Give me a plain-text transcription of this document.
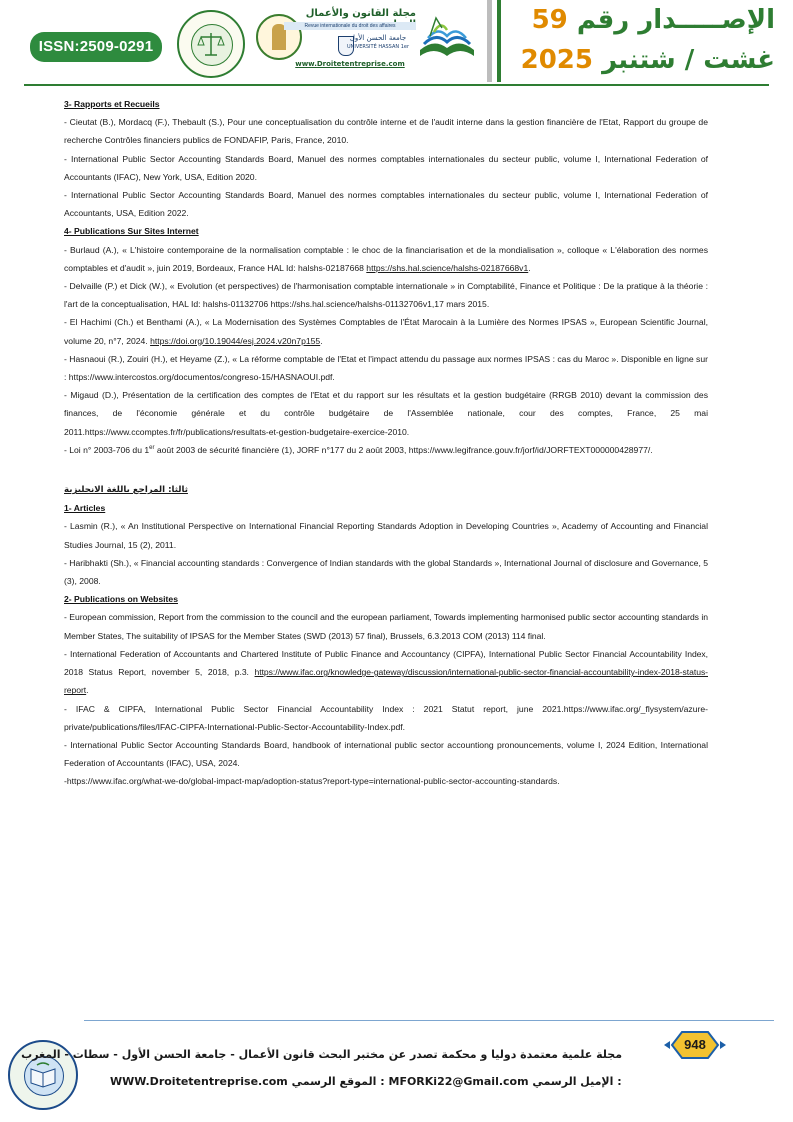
ISSN:2509-0291
مجلة القانون والأعمال
Revue internationale du droit des affaires
جامعة الحسن الأول
UNIVERSITÉ HASSAN 1er
www.Droitetentreprise.com
الإصـــــدار رقم 59
غشت / شتنبر 2025
3- Rapports et Recueils

- Cieutat (B.), Mordacq (F.), Thebault (S.), Pour une conceptualisation du contrôle interne et de l'audit interne dans la gestion financière de l'Etat, Rapport du groupe de recherche Contrôles financiers publics de FONDAFIP, Paris, France, 2010.

- International Public Sector Accounting Standards Board, Manuel des normes comptables internationales du secteur public, volume I, International Federation of Accountants (IFAC), New York, USA, Edition 2020.

- International Public Sector Accounting Standards Board, Manuel des normes comptables internationales du secteur public, volume I, International Federation of Accountants, USA, Edition 2022.

4- Publications Sur Sites Internet

- Burlaud (A.), « L'histoire contemporaine de la normalisation comptable : le choc de la financiarisation et de la mondialisation », colloque « L'élaboration des normes comptables et d'audit », juin 2019, Bordeaux, France HAL Id: halshs-02187668 https://shs.hal.science/halshs-02187668v1.

- Delvaille (P.) et Dick (W.), « Evolution (et perspectives) de l'harmonisation comptable internationale » in Comptabilité, Finance et Politique : De la pratique à la théorie : l'art de la conceptualisation, HAL Id: halshs-01132706 https://shs.hal.science/halshs-01132706v1,17 mars 2015.

- El Hachimi (Ch.) et Benthami (A.), « La Modernisation des Systèmes Comptables de l'État Marocain à la Lumière des Normes IPSAS », European Scientific Journal, volume 20, n°7, 2024. https://doi.org/10.19044/esj.2024.v20n7p155.

- Hasnaoui (R.), Zouiri (H.), et Heyame (Z.), « La réforme comptable de l'Etat et l'impact attendu du passage aux normes IPSAS : cas du Maroc ». Disponible en ligne sur : https://www.intercostos.org/documentos/congreso-15/HASNAOUI.pdf.

- Migaud (D.), Présentation de la certification des comptes de l'Etat et du rapport sur les résultats et la gestion budgétaire (RRGB 2010) devant la commission des finances, de l'économie générale et du contrôle budgétaire de l'Assemblée nationale, cour des comptes, France, 25 mai 2011.https://www.ccomptes.fr/fr/publications/resultats-et-gestion-budgetaire-exercice-2010.

- Loi n° 2003-706 du 1er août 2003 de sécurité financière (1), JORF n°177 du 2 août 2003, https://www.legifrance.gouv.fr/jorf/id/JORFTEXT000000428977/.

ثالثا: المراجع باللغة الانجليزية
1- Articles

- Lasmin (R.), « An Institutional Perspective on International Financial Reporting Standards Adoption in Developing Countries », Academy of Accounting and Financial Studies Journal, 15 (2), 2011.

- Haribhakti (Sh.), « Financial accounting standards : Convergence of Indian standards with the global Standards », International Journal of disclosure and Governance, 5 (3), 2008.

2- Publications on Websites

- European commission, Report from the commission to the council and the european parliament, Towards implementing harmonised public sector accounting standards in Member States, The suitability of IPSAS for the Member States (SWD (2013) 57 final), Brussels, 6.3.2013 COM (2013) 114 final.

- International Federation of Accountants and Chartered Institute of Public Finance and Accountancy (CIPFA), International Public Sector Financial Accountability Index, 2018 Status Report, november 5, 2018, p.3. https://www.ifac.org/knowledge-gateway/discussion/international-public-sector-financial-accountability-index-2018-status-report.

- IFAC & CIPFA, International Public Sector Financial Accountability Index : 2021 Statut report, june 2021.https://www.ifac.org/_flysystem/azure-private/publications/files/IFAC-CIPFA-International-Public-Sector-Accountability-Index.pdf.

- International Public Sector Accounting Standards Board, handbook of international public sector accountiong pronouncements, volume I, 2024 Edition, International Federation of Accountants (IFAC), USA, 2024.

-https://www.ifac.org/what-we-do/global-impact-map/adoption-status?report-type=international-public-sector-accounting-standards.

948
مجلة علمية معتمدة دوليا و محكمة تصدر عن مختبر البحث قانون الأعمال - جامعة الحسن الأول - سطات - المغرب
WWW.Droitetentreprise.com الموقع الرسمي : MFORKi22@Gmail.com الإميل الرسمي :
